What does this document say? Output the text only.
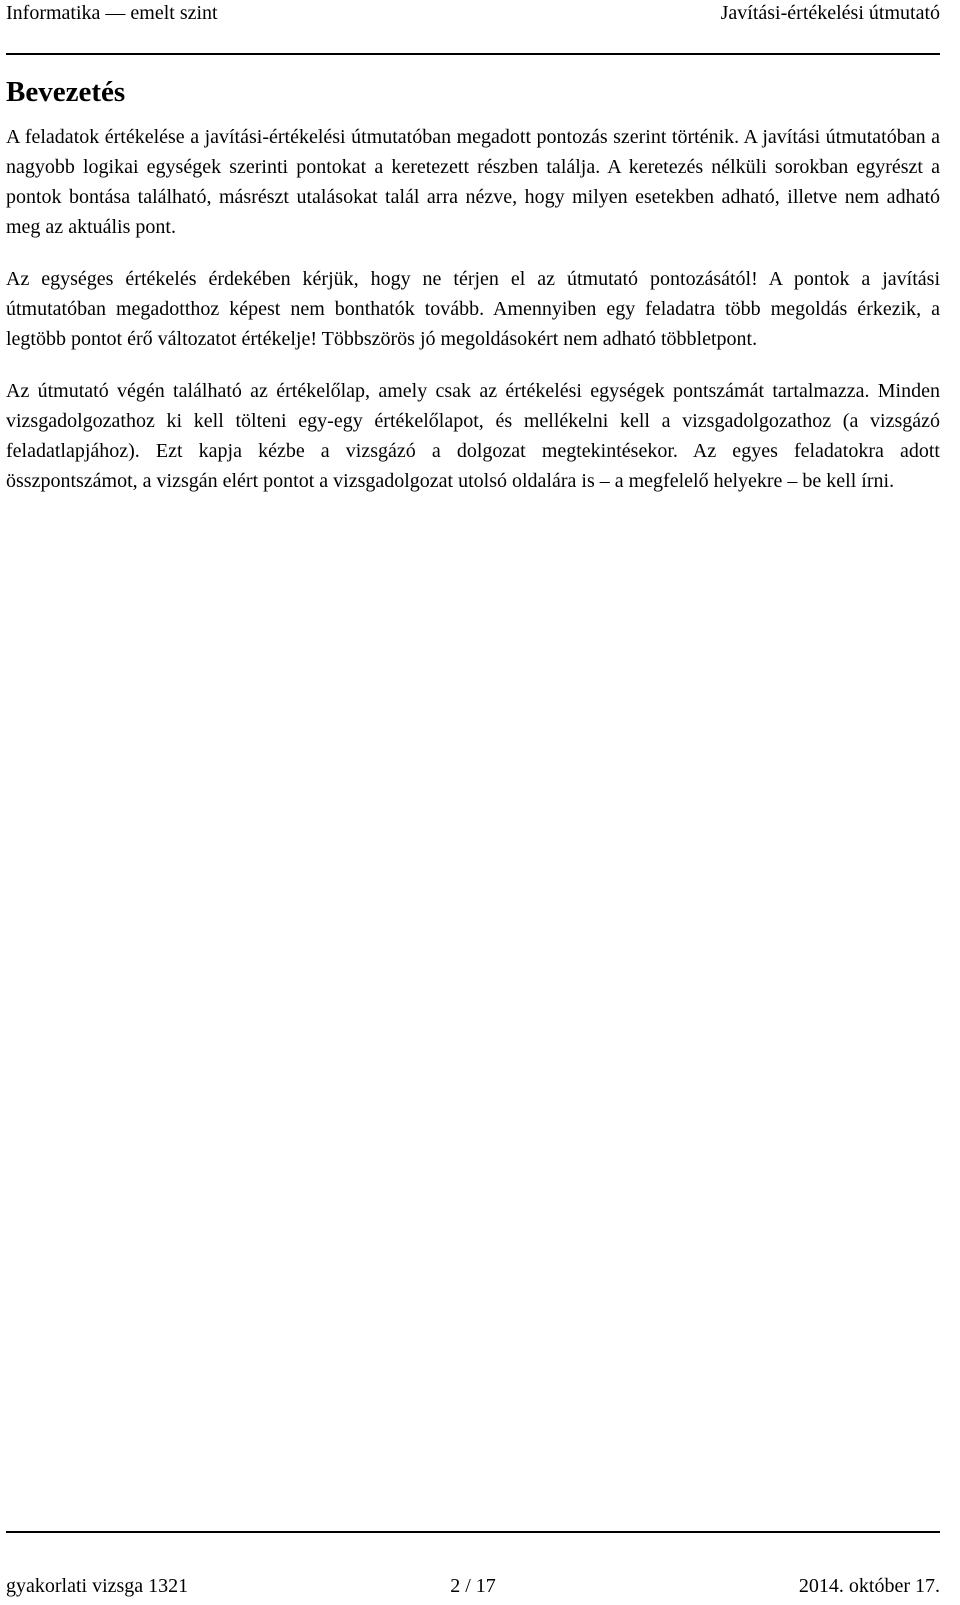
Informatika — emelt szint	Javítási-értékelési útmutató
Bevezetés

A feladatok értékelése a javítási-értékelési útmutatóban megadott pontozás szerint történik. A javítási útmutatóban a nagyobb logikai egységek szerinti pontokat a keretezett részben találja. A keretezés nélküli sorokban egyrészt a pontok bontása található, másrészt utalásokat talál arra nézve, hogy milyen esetekben adható, illetve nem adható meg az aktuális pont.

Az egységes értékelés érdekében kérjük, hogy ne térjen el az útmutató pontozásától! A pontok a javítási útmutatóban megadotthoz képest nem bonthatók tovább. Amennyiben egy feladatra több megoldás érkezik, a legtöbb pontot érő változatot értékelje! Többszörös jó megoldásokért nem adható többletpont.

Az útmutató végén található az értékelőlap, amely csak az értékelési egységek pontszámát tartalmazza. Minden vizsgadolgozathoz ki kell tölteni egy-egy értékelőlapot, és mellékelni kell a vizsgadolgozathoz (a vizsgázó feladatlapjához). Ezt kapja kézbe a vizsgázó a dolgozat megtekintésekor. Az egyes feladatokra adott összpontszámot, a vizsgán elért pontot a vizsgadolgozat utolsó oldalára is – a megfelelő helyekre – be kell írni.

gyakorlati vizsga 1321	2 / 17	2014. október 17.
